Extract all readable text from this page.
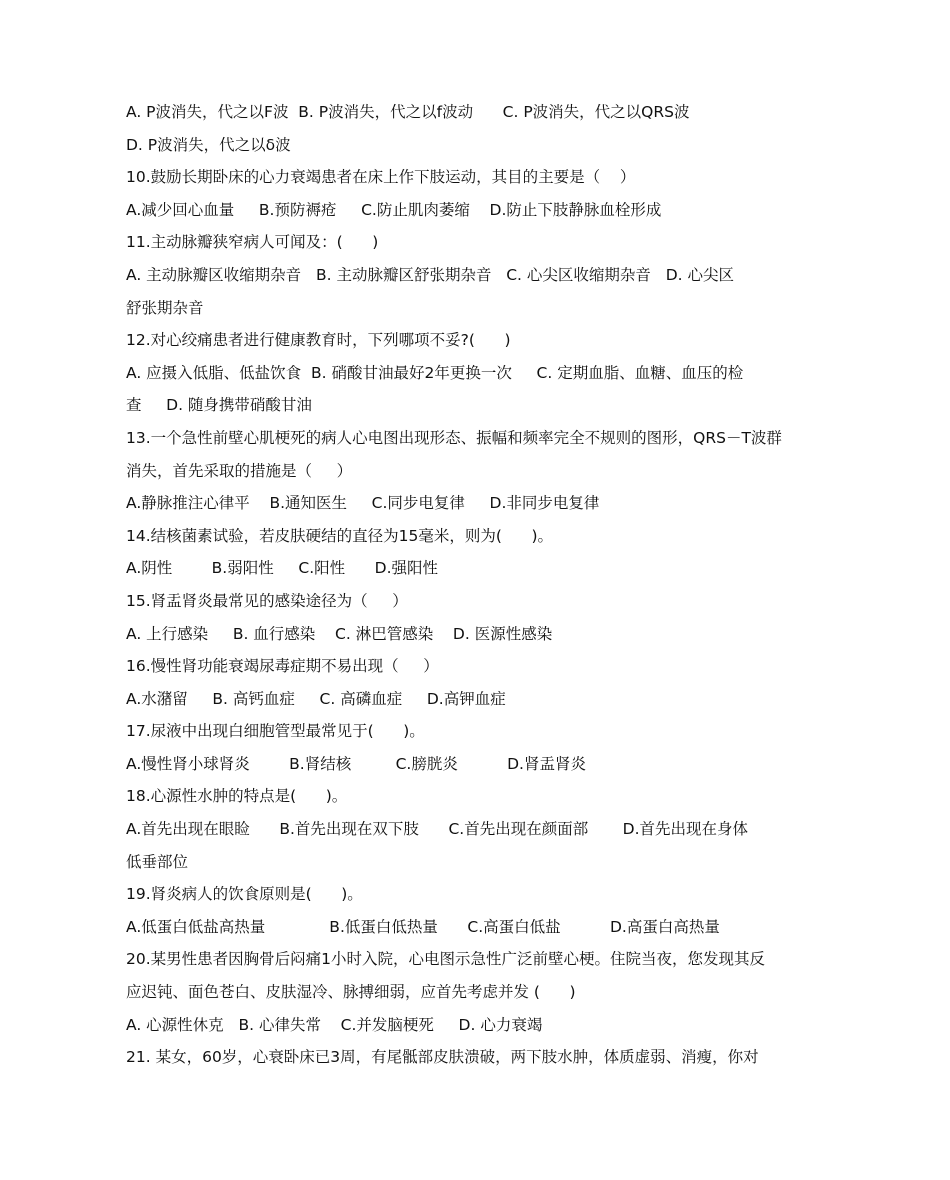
A. P波消失，代之以F波  B. P波消失，代之以f波动      C. P波消失，代之以QRS波
D. P波消失，代之以δ波
10.鼓励长期卧床的心力衰竭患者在床上作下肢运动，其目的主要是（    ）
A.减少回心血量     B.预防褥疮     C.防止肌肉萎缩    D.防止下肢静脉血栓形成
11.主动脉瓣狭窄病人可闻及：(      )
A. 主动脉瓣区收缩期杂音   B. 主动脉瓣区舒张期杂音   C. 心尖区收缩期杂音   D. 心尖区
舒张期杂音
12.对心绞痛患者进行健康教育时，下列哪项不妥?(      )
A. 应摄入低脂、低盐饮食  B. 硝酸甘油最好2年更换一次     C. 定期血脂、血糖、血压的检
查     D. 随身携带硝酸甘油
13.一个急性前壁心肌梗死的病人心电图出现形态、振幅和频率完全不规则的图形，QRS－T波群
消失，首先采取的措施是（     ）
A.静脉推注心律平    B.通知医生     C.同步电复律     D.非同步电复律
14.结核菌素试验，若皮肤硬结的直径为15毫米，则为(      )。
A.阴性        B.弱阳性     C.阳性      D.强阳性
15.肾盂肾炎最常见的感染途径为（     ）
A. 上行感染     B. 血行感染    C. 淋巴管感染    D. 医源性感染
16.慢性肾功能衰竭尿毒症期不易出现（     ）
A.水潴留     B. 高钙血症     C. 高磷血症     D.高钾血症
17.尿液中出现白细胞管型最常见于(      )。
A.慢性肾小球肾炎        B.肾结核         C.膀胱炎          D.肾盂肾炎
18.心源性水肿的特点是(      )。
A.首先出现在眼睑      B.首先出现在双下肢      C.首先出现在颜面部       D.首先出现在身体
低垂部位
19.肾炎病人的饮食原则是(      )。
A.低蛋白低盐高热量             B.低蛋白低热量      C.高蛋白低盐          D.高蛋白高热量
20.某男性患者因胸骨后闷痛1小时入院，心电图示急性广泛前壁心梗。住院当夜，您发现其反
应迟钝、面色苍白、皮肤湿冷、脉搏细弱，应首先考虑并发 (      )
A. 心源性休克   B. 心律失常    C.并发脑梗死     D. 心力衰竭
21. 某女，60岁，心衰卧床已3周，有尾骶部皮肤溃破，两下肢水肿，体质虚弱、消瘦，你对
